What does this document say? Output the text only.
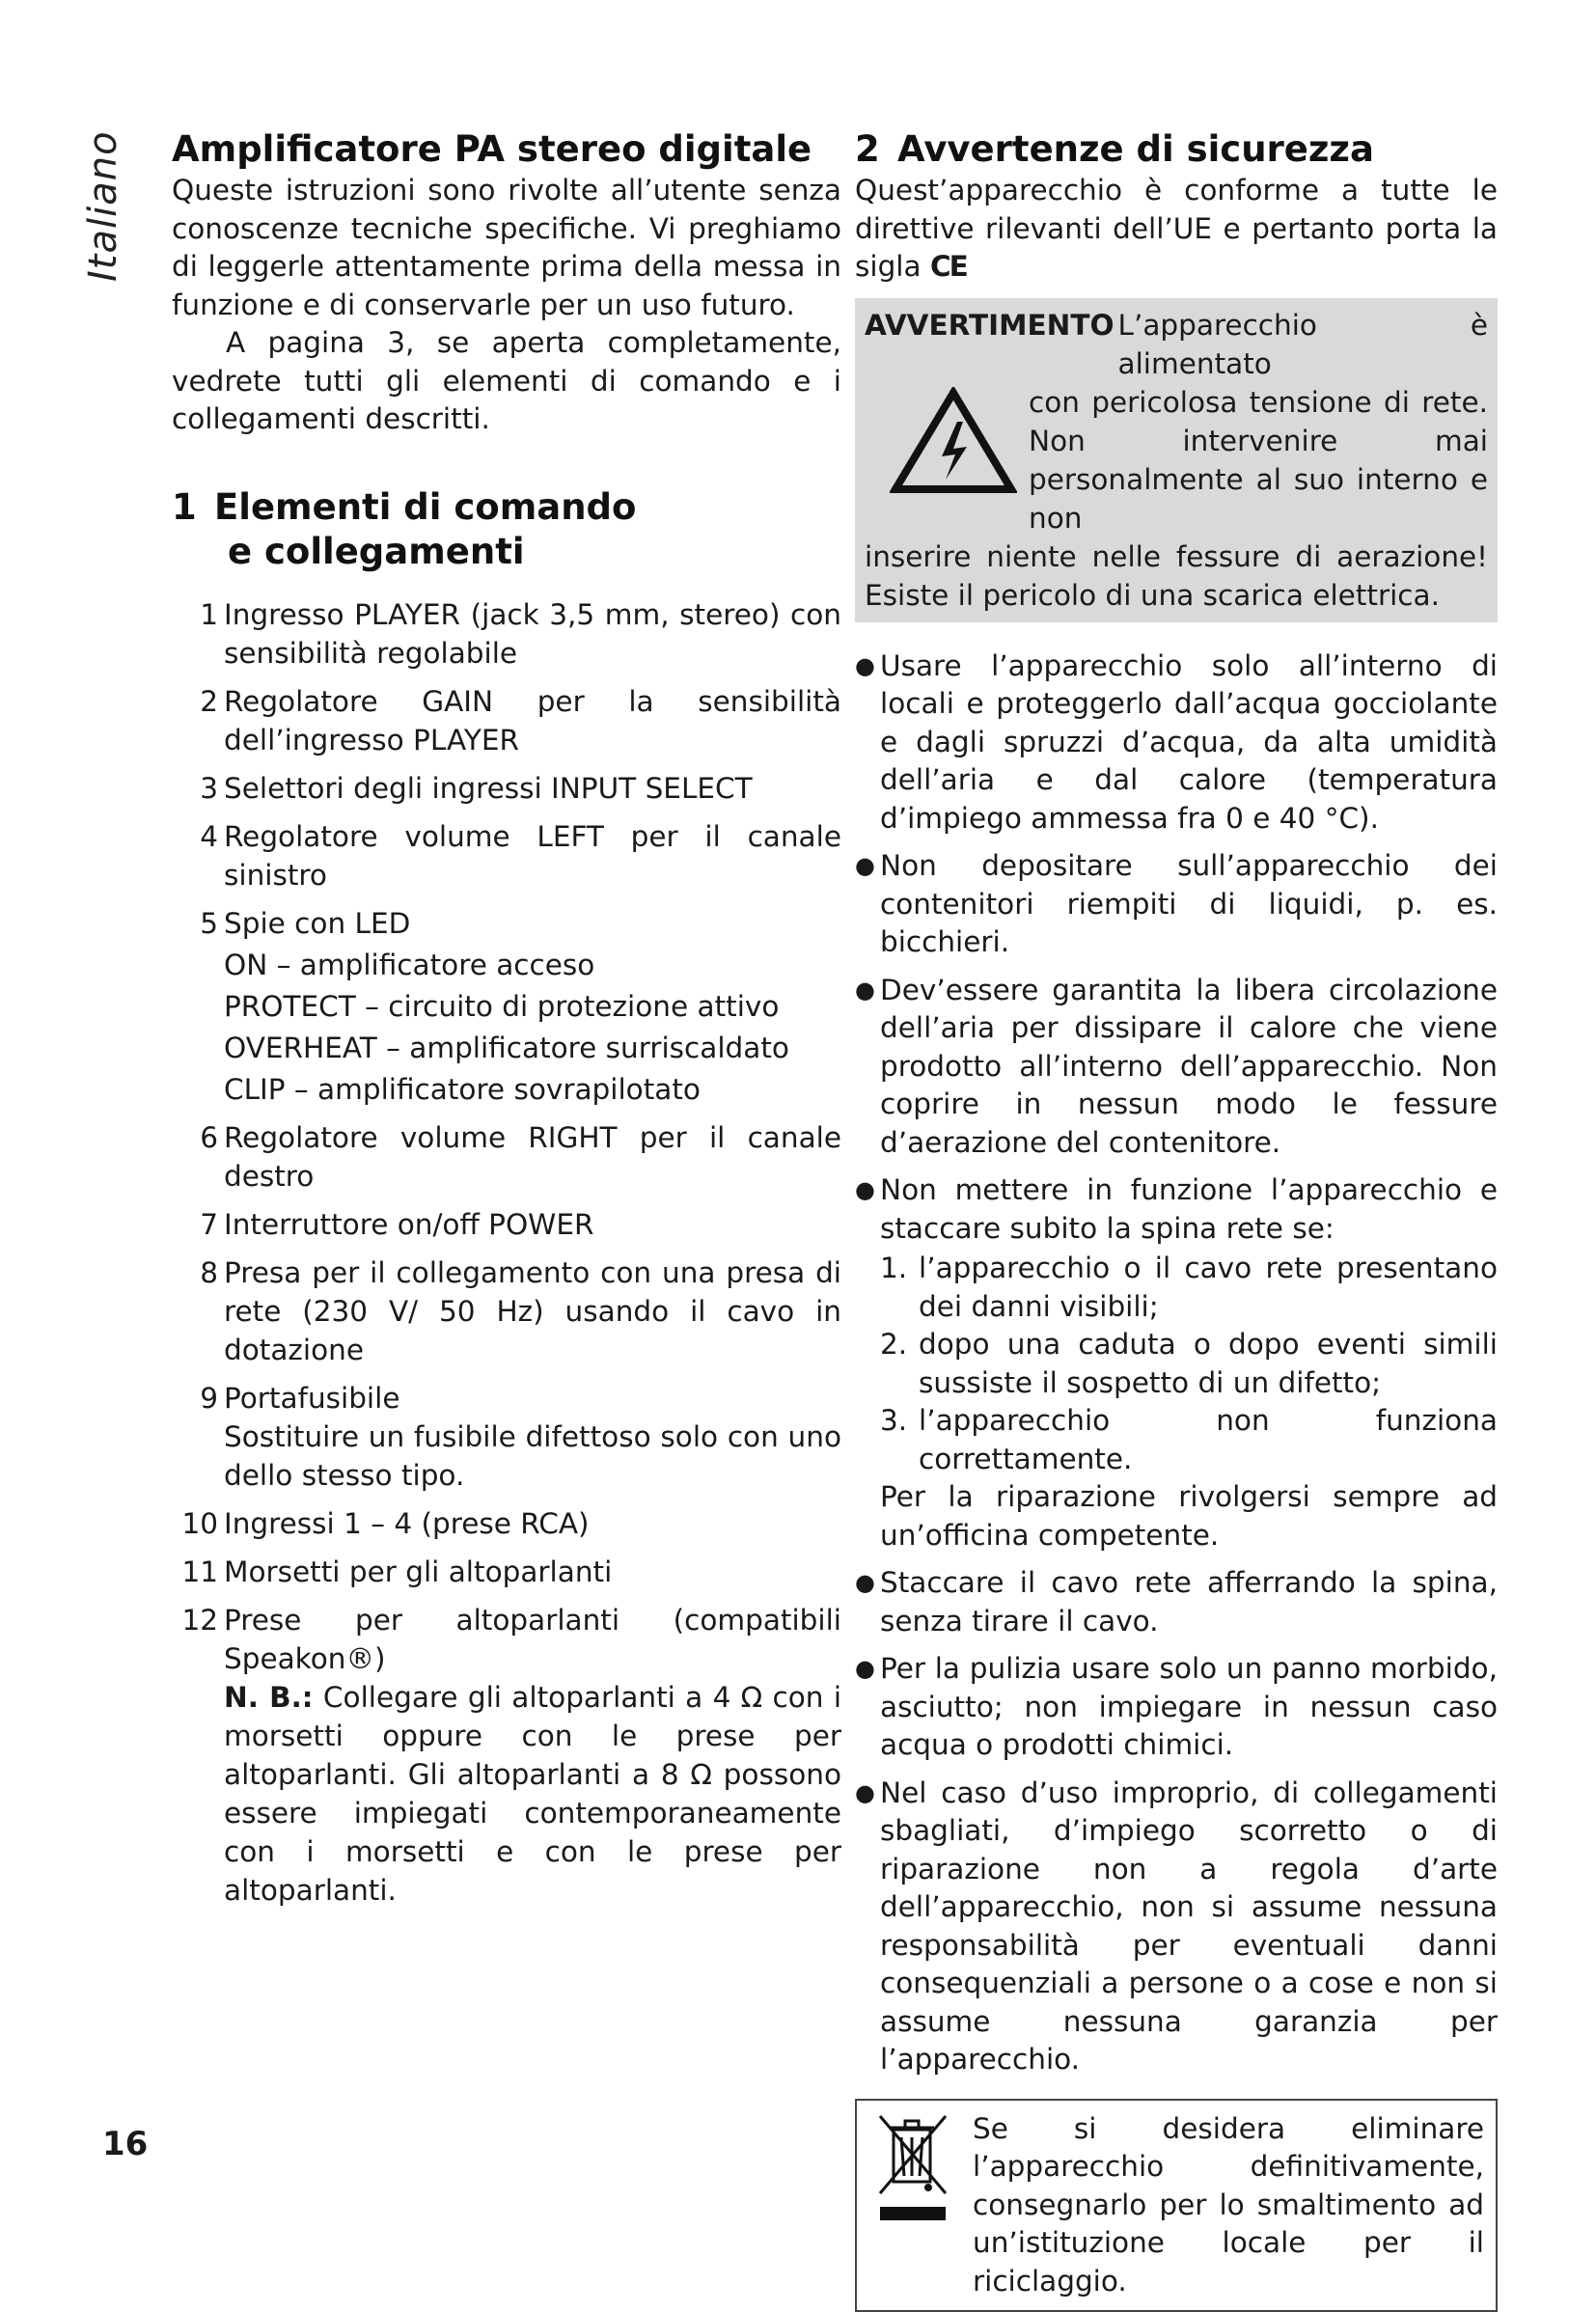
Italiano Amplificatore PA stereo digitale

Queste istruzioni sono rivolte all’utente senza conoscenze tecniche specifiche. Vi preghiamo di leggerle attentamente prima della messa in funzione e di conservarle per un uso futuro.

A pagina 3, se aperta completamente, vedrete tutti gli elementi di comando e i collegamenti descritti.

1 Elementi di comando
e collegamenti
1 Ingresso PLAYER (jack 3,5 mm, stereo) con sensibilità regolabile
2 Regolatore GAIN per la sensibilità dell’ingresso PLAYER
3 Selettori degli ingressi INPUT SELECT
4 Regolatore volume LEFT per il canale sinistro
5 Spie con LED
ON – amplificatore acceso
PROTECT – circuito di protezione attivo
OVERHEAT – amplificatore surriscaldato
CLIP – amplificatore sovrapilotato
6 Regolatore volume RIGHT per il canale destro
7 Interruttore on/off POWER
8 Presa per il collegamento con una presa di rete (230 V/ 50 Hz) usando il cavo in dotazione
9 Portafusibile
Sostituire un fusibile difettoso solo con uno dello stesso tipo.
10 Ingressi 1 – 4 (prese RCA)
11 Morsetti per gli altoparlanti
12 Prese per altoparlanti (compatibili Speakon®)
N. B.: Collegare gli altoparlanti a 4 Ω con i morsetti oppure con le prese per altoparlanti. Gli altoparlanti a 8 Ω possono essere impiegati contemporaneamente con i morsetti e con le prese per altoparlanti.
2 Avvertenze di sicurezza

Quest’apparecchio è conforme a tutte le direttive rilevanti dell’UE e pertanto porta la sigla CE

AVVERTIMENTO L’apparecchio è alimentato
con pericolosa tensione di rete. Non intervenire mai personalmente al suo interno e non
inserire niente nelle fessure di aerazione! Esiste il pericolo di una scarica elettrica.
● Usare l’apparecchio solo all’interno di locali e proteggerlo dall’acqua gocciolante e dagli spruzzi d’acqua, da alta umidità dell’aria e dal calore (temperatura d’impiego ammessa fra 0 e 40 °C).
● Non depositare sull’apparecchio dei contenitori riempiti di liquidi, p. es. bicchieri.
● Dev’essere garantita la libera circolazione dell’aria per dissipare il calore che viene prodotto all’interno dell’apparecchio. Non coprire in nessun modo le fessure d’aerazione del contenitore.
● Non mettere in funzione l’apparecchio e staccare subito la spina rete se:
1. l’apparecchio o il cavo rete presentano dei danni visibili;
2. dopo una caduta o dopo eventi simili sussiste il sospetto di un difetto;
3. l’apparecchio non funziona correttamente.
Per la riparazione rivolgersi sempre ad un’officina competente.
● Staccare il cavo rete afferrando la spina, senza tirare il cavo.
● Per la pulizia usare solo un panno morbido, asciutto; non impiegare in nessun caso acqua o prodotti chimici.
● Nel caso d’uso improprio, di collegamenti sbagliati, d’impiego scorretto o di riparazione non a regola d’arte dell’apparecchio, non si assume nessuna responsabilità per eventuali danni consequenziali a persone o a cose e non si assume nessuna garanzia per l’apparecchio.
Se si desidera eliminare l’apparecchio definitivamente, consegnarlo per lo smaltimento ad un’istituzione locale per il riciclaggio.
16
